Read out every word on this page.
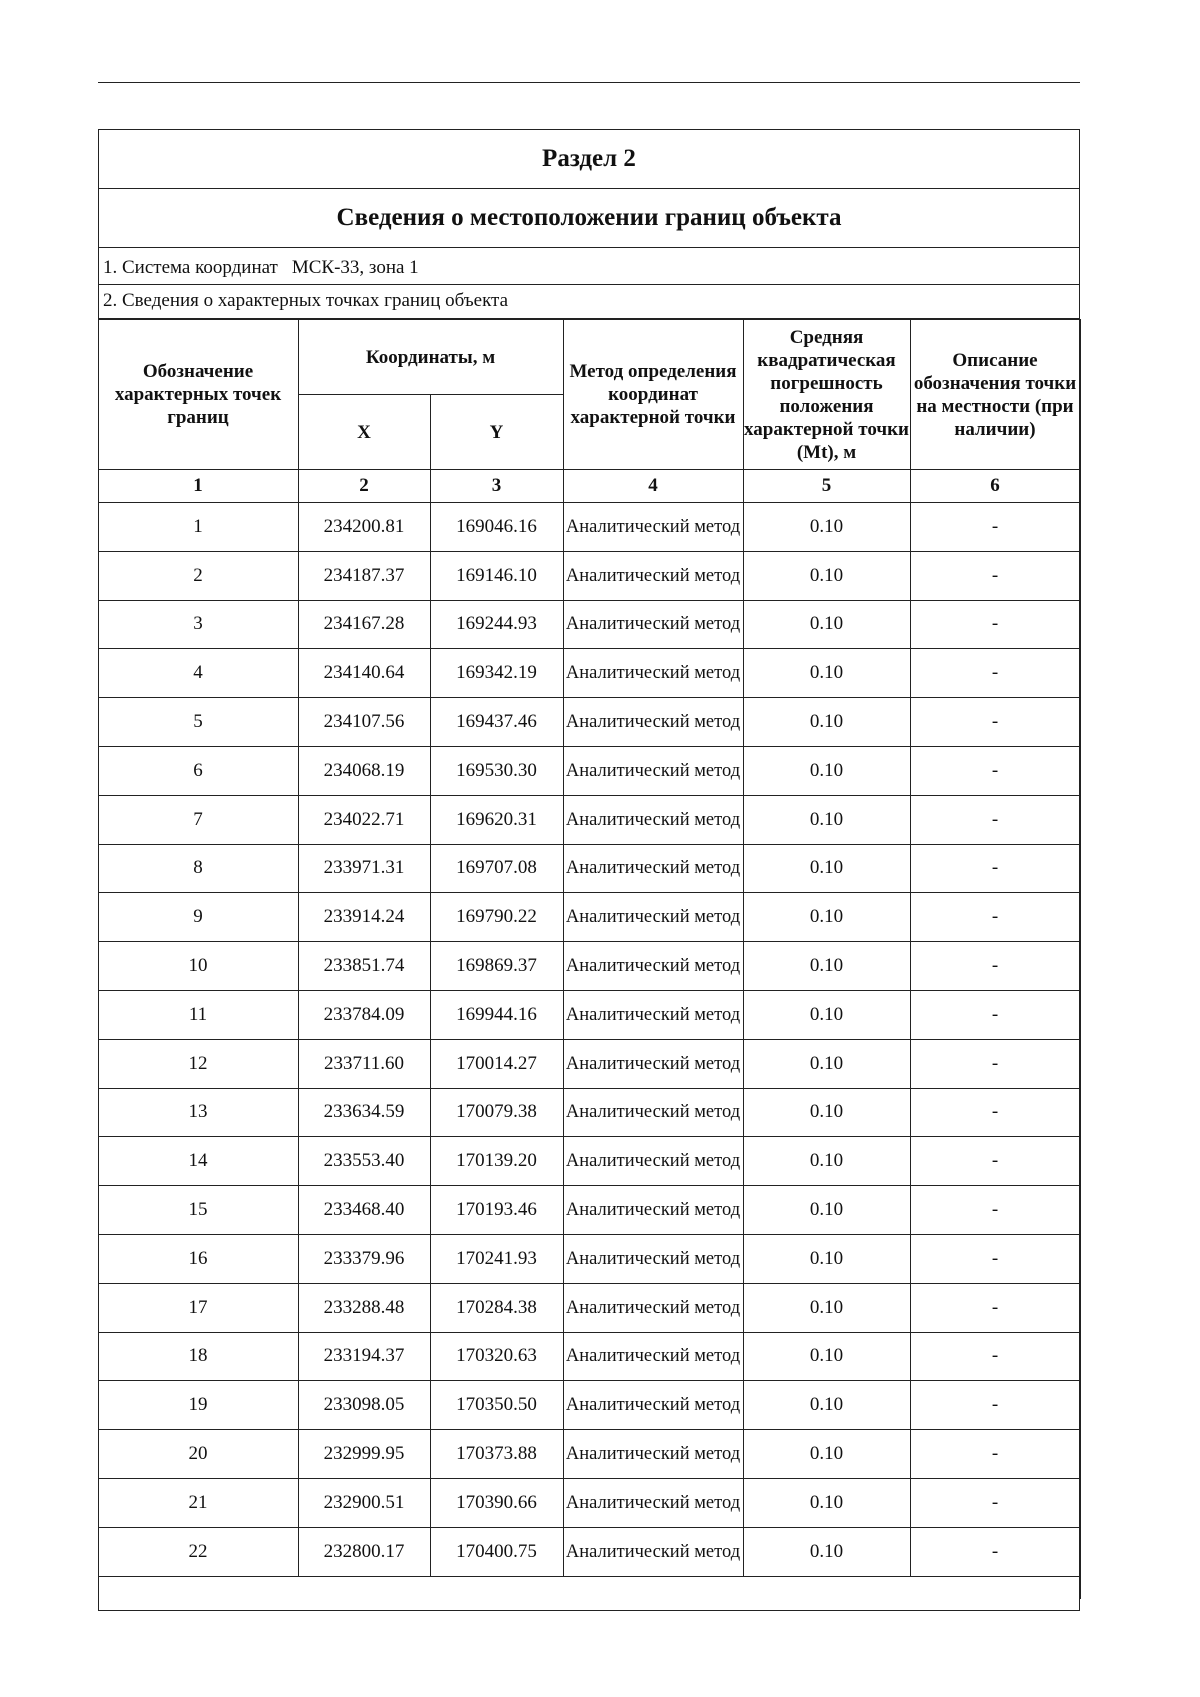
Раздел 2
Сведения о местоположении границ объекта
1. Система координат МСК-33, зона 1
2. Сведения о характерных точках границ объекта
Обозначение характерных точек границ	Координаты, м		Метод определения координат характерной точки	Средняя квадратическая погрешность положения характерной точки (Mt), м	Описание обозначения точки на местности (при наличии)
	X	Y			
1	2	3	4	5	6
1	234200.81	169046.16	Аналитический метод	0.10	-
2	234187.37	169146.10	Аналитический метод	0.10	-
3	234167.28	169244.93	Аналитический метод	0.10	-
4	234140.64	169342.19	Аналитический метод	0.10	-
5	234107.56	169437.46	Аналитический метод	0.10	-
6	234068.19	169530.30	Аналитический метод	0.10	-
7	234022.71	169620.31	Аналитический метод	0.10	-
8	233971.31	169707.08	Аналитический метод	0.10	-
9	233914.24	169790.22	Аналитический метод	0.10	-
10	233851.74	169869.37	Аналитический метод	0.10	-
11	233784.09	169944.16	Аналитический метод	0.10	-
12	233711.60	170014.27	Аналитический метод	0.10	-
13	233634.59	170079.38	Аналитический метод	0.10	-
14	233553.40	170139.20	Аналитический метод	0.10	-
15	233468.40	170193.46	Аналитический метод	0.10	-
16	233379.96	170241.93	Аналитический метод	0.10	-
17	233288.48	170284.38	Аналитический метод	0.10	-
18	233194.37	170320.63	Аналитический метод	0.10	-
19	233098.05	170350.50	Аналитический метод	0.10	-
20	232999.95	170373.88	Аналитический метод	0.10	-
21	232900.51	170390.66	Аналитический метод	0.10	-
22	232800.17	170400.75	Аналитический метод	0.10	-
